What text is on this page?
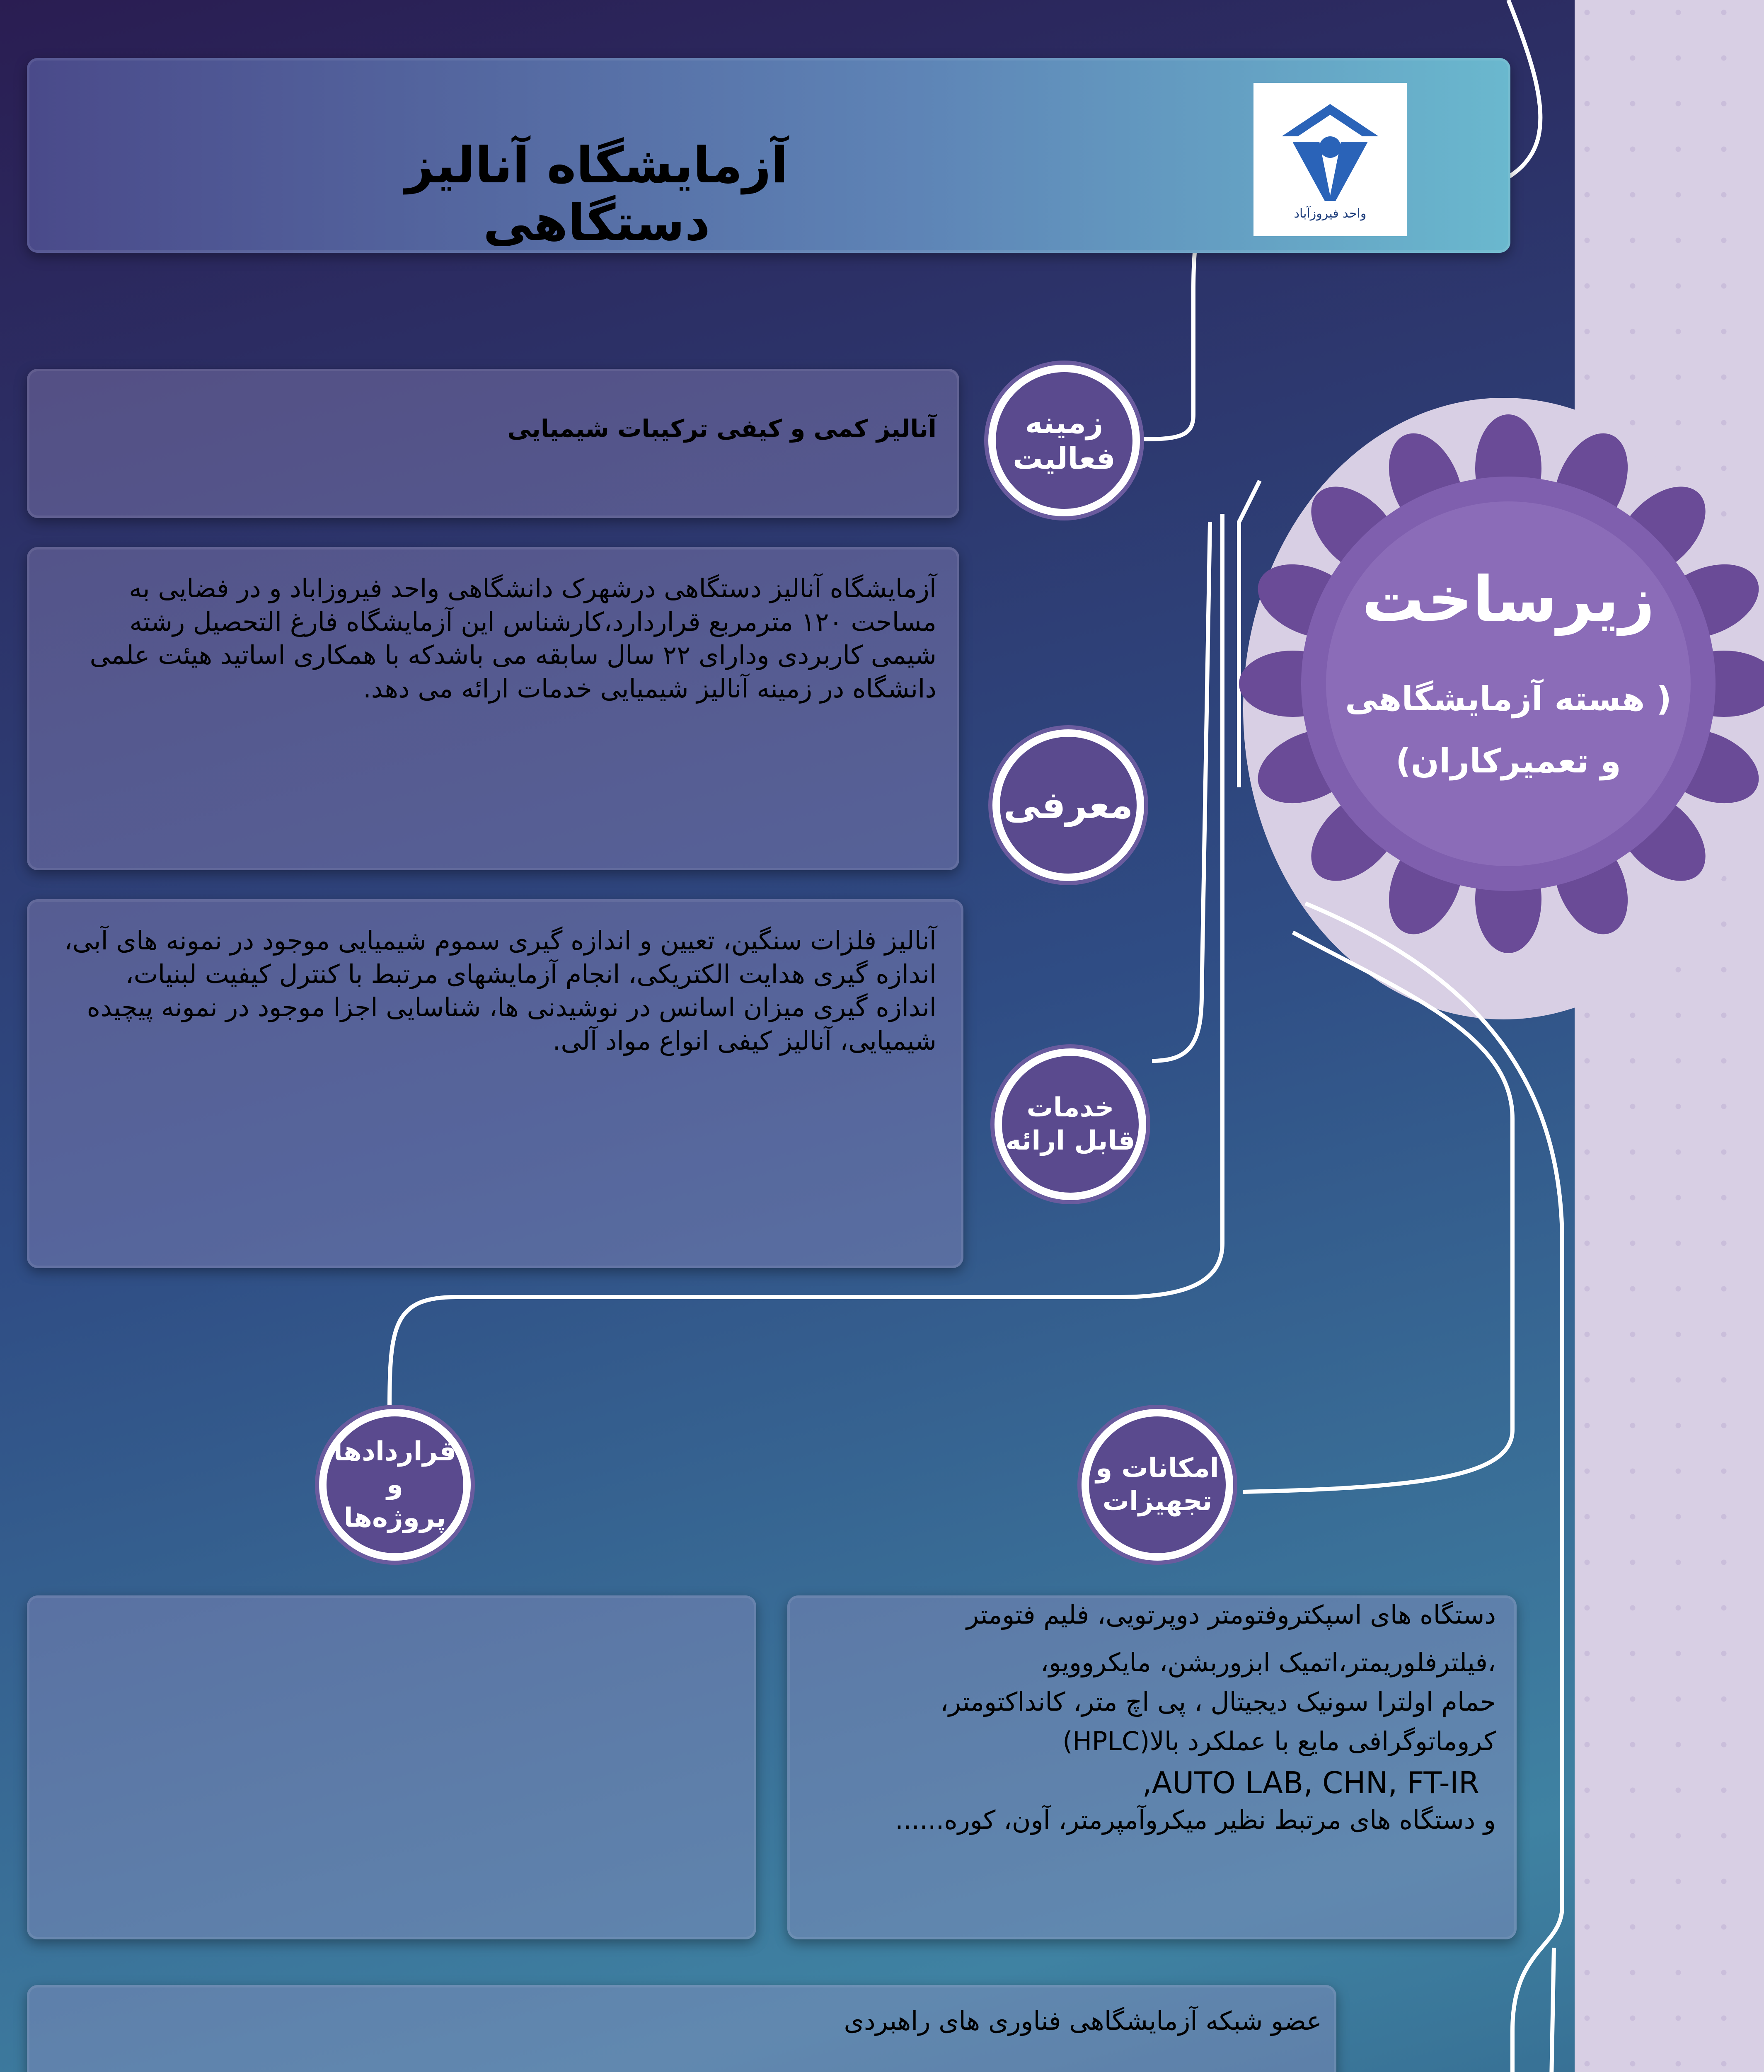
آزمایشگاه آنالیز دستگاهی	واحد فیروزآباد
زیرساخت
( هسته آزمایشگاهی
و تعمیرکاران)
آنالیز کمی و کیفی ترکیبات شیمیایی	زمینه
فعالیت
آزمایشگاه آنالیز دستگاهی درشهرک دانشگاهی واحد فیروزاباد و در فضایی به مساحت ۱۲۰ مترمربع قراردارد،کارشناس این آزمایشگاه فارغ التحصیل رشته شیمی کاربردی ودارای ۲۲ سال سابقه می باشدکه با همکاری اساتید هیئت علمی دانشگاه در زمینه آنالیز شیمیایی خدمات ارائه می دهد.
معرفی
آنالیز فلزات سنگین، تعیین و اندازه گیری سموم شیمیایی موجود در نمونه های آبی، اندازه گیری هدایت الکتریکی، انجام آزمایشهای مرتبط با کنترل کیفیت لبنیات، اندازه گیری میزان اسانس در نوشیدنی ها، شناسایی اجزا موجود در نمونه پیچیده شیمیایی، آنالیز کیفی انواع مواد آلی.
خدمات
قابل ارائه
قراردادها و
پروژه‌ها
امکانات و
تجهیزات
دستگاه های اسپکتروفتومتر دوپرتویی، فلیم فتومتر
،فیلترفلوریمتر،اتمیک ابزوربشن، مایکروویو،
حمام اولترا سونیک دیجیتال ، پی اچ متر، کانداکتومتر،
کروماتوگرافی مایع با عملکرد بالا(HPLC)
AUTO LAB, CHN, FT-IR,
و دستگاه های مرتبط نظیر میکروآمپرمتر، آون، کوره......
عضو شبکه آزمایشگاهی فناوری های راهبردی
